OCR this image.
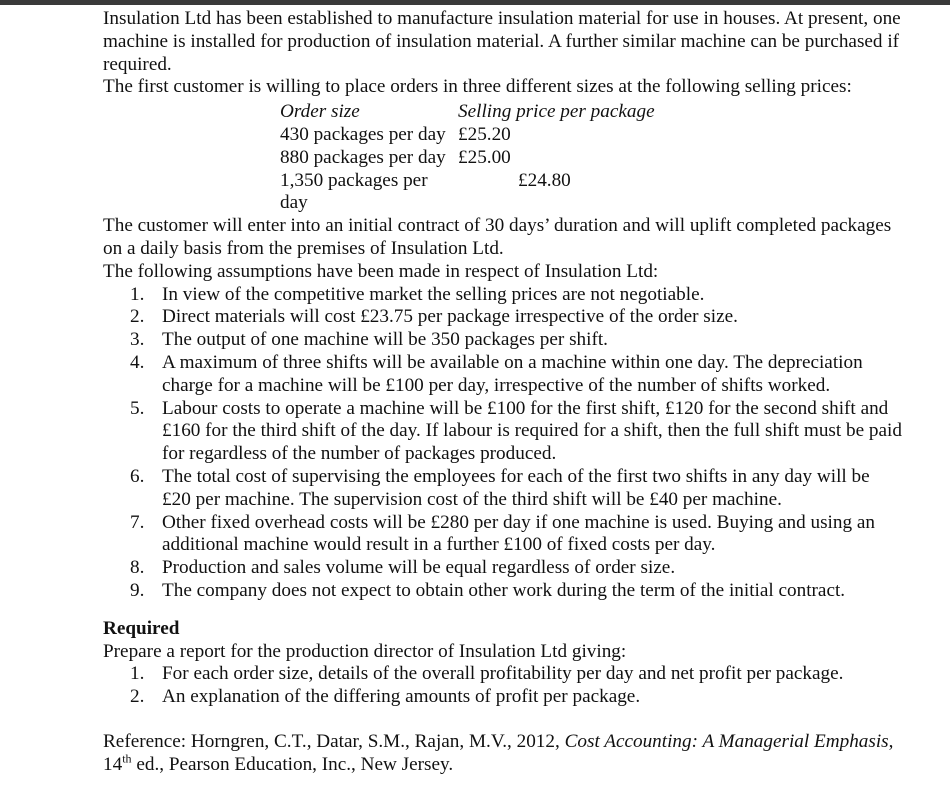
Insulation Ltd has been established to manufacture insulation material for use in houses. At present, one machine is installed for production of insulation material. A further similar machine can be purchased if required.

The first customer is willing to place orders in three different sizes at the following selling prices:

Order size	Selling price per package
430 packages per day	£25.20
880 packages per day	£25.00
1,350 packages per day	£24.80

The customer will enter into an initial contract of 30 days’ duration and will uplift completed packages on a daily basis from the premises of Insulation Ltd.

The following assumptions have been made in respect of Insulation Ltd:

1. In view of the competitive market the selling prices are not negotiable.
2. Direct materials will cost £23.75 per package irrespective of the order size.
3. The output of one machine will be 350 packages per shift.
4. A maximum of three shifts will be available on a machine within one day. The depreciation charge for a machine will be £100 per day, irrespective of the number of shifts worked.
5. Labour costs to operate a machine will be £100 for the first shift, £120 for the second shift and £160 for the third shift of the day. If labour is required for a shift, then the full shift must be paid for regardless of the number of packages produced.
6. The total cost of supervising the employees for each of the first two shifts in any day will be £20 per machine. The supervision cost of the third shift will be £40 per machine.
7. Other fixed overhead costs will be £280 per day if one machine is used. Buying and using an additional machine would result in a further £100 of fixed costs per day.
8. Production and sales volume will be equal regardless of order size.
9. The company does not expect to obtain other work during the term of the initial contract.

Required

Prepare a report for the production director of Insulation Ltd giving:

1. For each order size, details of the overall profitability per day and net profit per package.
2. An explanation of the differing amounts of profit per package.

Reference: Horngren, C.T., Datar, S.M., Rajan, M.V., 2012, Cost Accounting: A Managerial Emphasis, 14th ed., Pearson Education, Inc., New Jersey.
